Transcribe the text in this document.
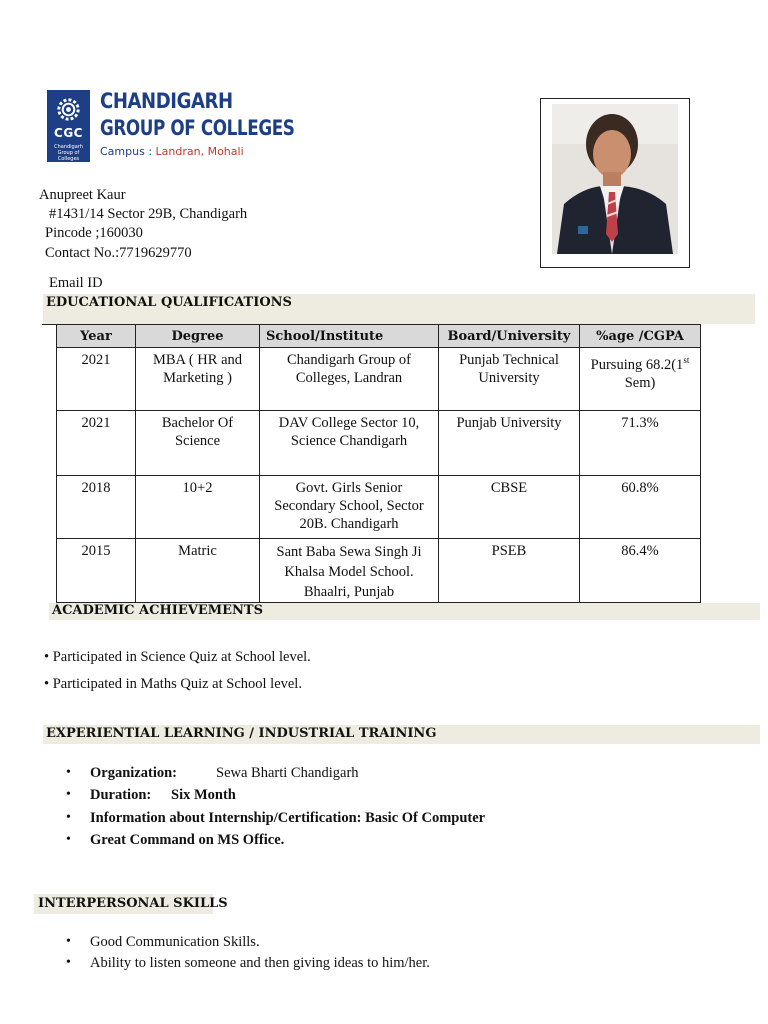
CGC
Chandigarh Group of Colleges
CHANDIGARH
GROUP OF COLLEGES
Campus : Landran, Mohali
Anupreet Kaur
#1431/14 Sector 29B, Chandigarh
Pincode ;160030
Contact No.:7719629770
Email ID
EDUCATIONAL QUALIFICATIONS
Year	Degree	School/Institute	Board/University	%age /CGPA
2021	MBA ( HR and Marketing )	Chandigarh Group of Colleges, Landran	Punjab Technical University	Pursuing 68.2(1st Sem)
2021	Bachelor Of Science	DAV College Sector 10, Science Chandigarh	Punjab University	71.3%
2018	10+2	Govt. Girls Senior Secondary School, Sector 20B. Chandigarh	CBSE	60.8%
2015	Matric	Sant Baba Sewa Singh Ji Khalsa Model School. Bhaalri, Punjab	PSEB	86.4%
ACADEMIC ACHIEVEMENTS
• Participated in Science Quiz at School level.
• Participated in Maths Quiz at School level.
EXPERIENTIAL LEARNING / INDUSTRIAL TRAINING
• Organization:	Sewa Bharti Chandigarh
• Duration: Six Month
• Information about Internship/Certification: Basic Of Computer
• Great Command on MS Office.
INTERPERSONAL SKILLS
• Good Communication Skills.
• Ability to listen someone and then giving ideas to him/her.
